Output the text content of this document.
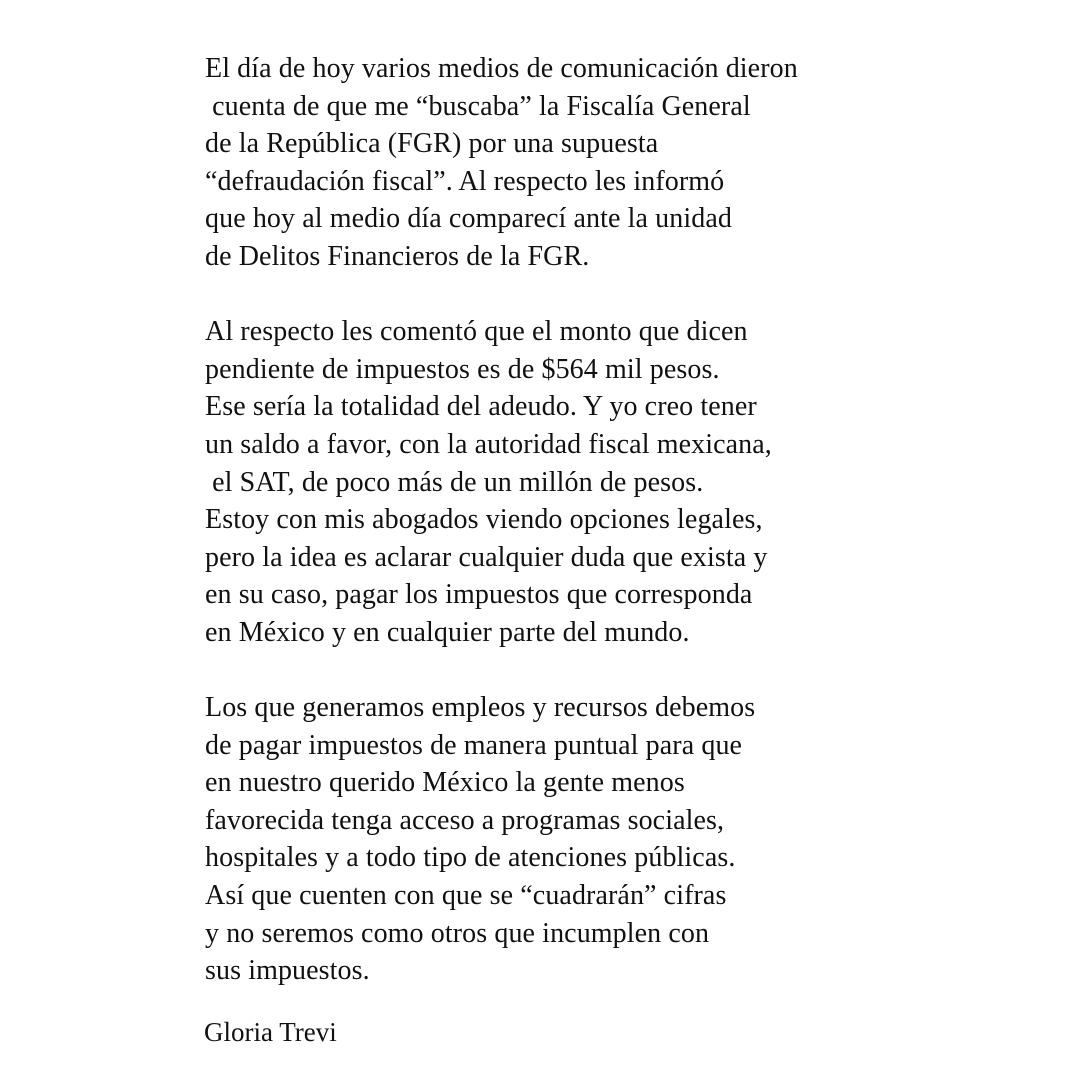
El día de hoy varios medios de comunicación dieron
cuenta de que me “buscaba” la Fiscalía General
de la República (FGR) por una supuesta
“defraudación fiscal”. Al respecto les informó
que hoy al medio día comparecí ante la unidad
de Delitos Financieros de la FGR.
Al respecto les comentó que el monto que dicen
pendiente de impuestos es de $564 mil pesos.
Ese sería la totalidad del adeudo. Y yo creo tener
un saldo a favor, con la autoridad fiscal mexicana,
el SAT, de poco más de un millón de pesos.
Estoy con mis abogados viendo opciones legales,
pero la idea es aclarar cualquier duda que exista y
en su caso, pagar los impuestos que corresponda
en México y en cualquier parte del mundo.
Los que generamos empleos y recursos debemos
de pagar impuestos de manera puntual para que
en nuestro querido México la gente menos
favorecida tenga acceso a programas sociales,
hospitales y a todo tipo de atenciones públicas.
Así que cuenten con que se “cuadrarán” cifras
y no seremos como otros que incumplen con
sus impuestos.
Gloria Trevi
